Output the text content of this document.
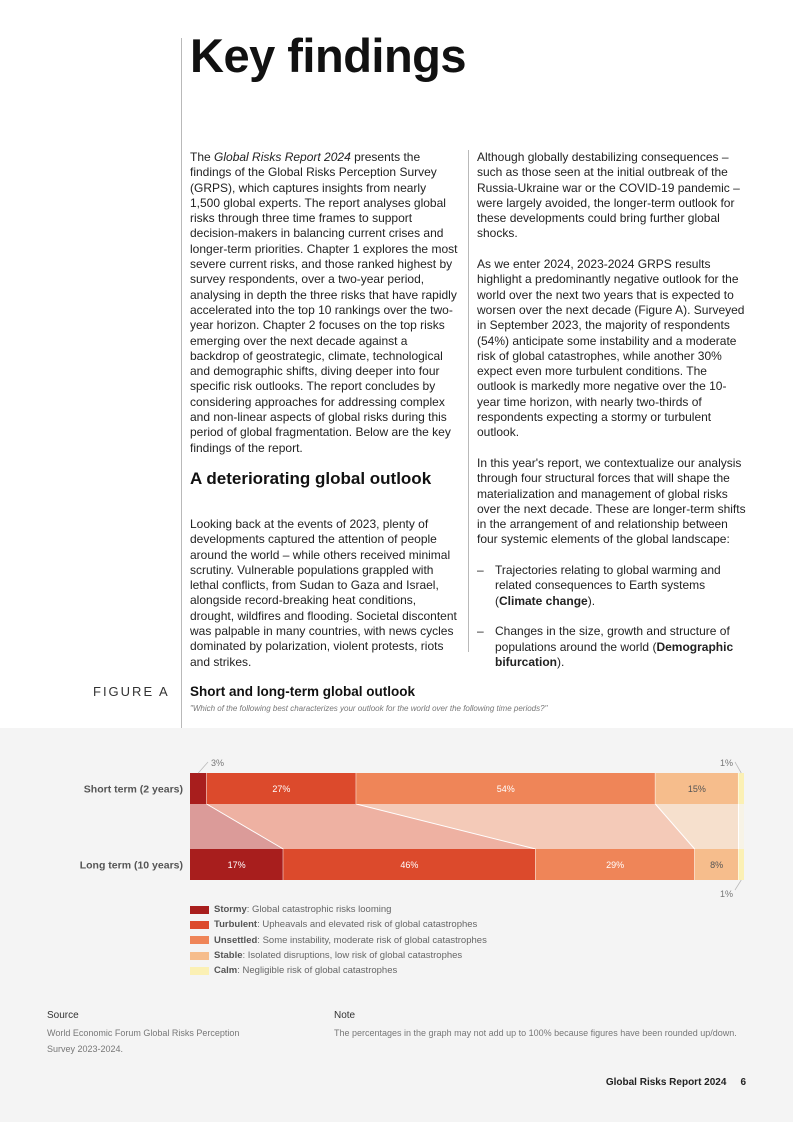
Key findings

The Global Risks Report 2024 presents the findings of the Global Risks Perception Survey (GRPS), which captures insights from nearly 1,500 global experts. The report analyses global risks through three time frames to support decision-makers in balancing current crises and longer-term priorities. Chapter 1 explores the most severe current risks, and those ranked highest by survey respondents, over a two-year period, analysing in depth the three risks that have rapidly accelerated into the top 10 rankings over the two-year horizon. Chapter 2 focuses on the top risks emerging over the next decade against a backdrop of geostrategic, climate, technological and demographic shifts, diving deeper into four specific risk outlooks. The report concludes by considering approaches for addressing complex and non-linear aspects of global risks during this period of global fragmentation. Below are the key findings of the report.

A deteriorating global outlook

Looking back at the events of 2023, plenty of developments captured the attention of people around the world – while others received minimal scrutiny. Vulnerable populations grappled with lethal conflicts, from Sudan to Gaza and Israel, alongside record-breaking heat conditions, drought, wildfires and flooding. Societal discontent was palpable in many countries, with news cycles dominated by polarization, violent protests, riots and strikes.

Although globally destabilizing consequences – such as those seen at the initial outbreak of the Russia-Ukraine war or the COVID-19 pandemic – were largely avoided, the longer-term outlook for these developments could bring further global shocks.

As we enter 2024, 2023-2024 GRPS results highlight a predominantly negative outlook for the world over the next two years that is expected to worsen over the next decade (Figure A). Surveyed in September 2023, the majority of respondents (54%) anticipate some instability and a moderate risk of global catastrophes, while another 30% expect even more turbulent conditions. The outlook is markedly more negative over the 10-year time horizon, with nearly two-thirds of respondents expecting a stormy or turbulent outlook.

In this year's report, we contextualize our analysis through four structural forces that will shape the materialization and management of global risks over the next decade. These are longer-term shifts in the arrangement of and relationship between four systemic elements of the global landscape:

– Trajectories relating to global warming and related consequences to Earth systems (Climate change).
– Changes in the size, growth and structure of populations around the world (Demographic bifurcation).
FIGURE A Short and long-term global outlook
"Which of the following best characterizes your outlook for the world over the following time periods?"
Short term (2 years)	27%	54%	15%
Long term (10 years)	17%	46%	29%	8%
3%	1%
1%
Stormy: Global catastrophic risks looming
Turbulent: Upheavals and elevated risk of global catastrophes
Unsettled: Some instability, moderate risk of global catastrophes
Stable: Isolated disruptions, low risk of global catastrophes
Calm: Negligible risk of global catastrophes
Source
World Economic Forum Global Risks Perception Survey 2023-2024.
Note
The percentages in the graph may not add up to 100% because figures have been rounded up/down.
Global Risks Report 2024 6
